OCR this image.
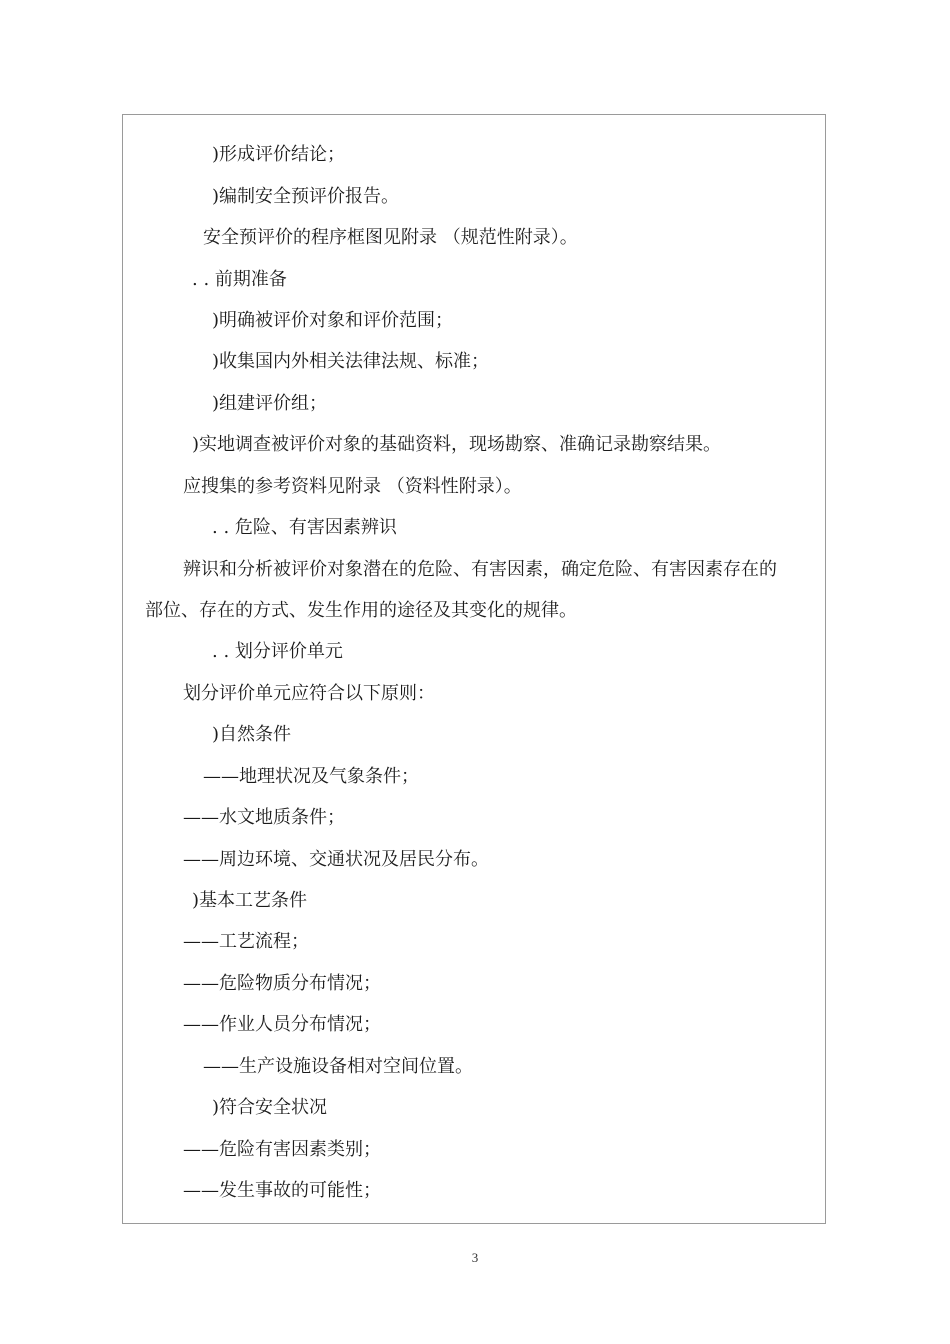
)形成评价结论；
)编制安全预评价报告。
安全预评价的程序框图见附录 （规范性附录）。
. . 前期准备
)明确被评价对象和评价范围；
)收集国内外相关法律法规、标准；
)组建评价组；
)实地调查被评价对象的基础资料，现场勘察、准确记录勘察结果。
应搜集的参考资料见附录 （资料性附录）。
. . 危险、有害因素辨识
辨识和分析被评价对象潜在的危险、有害因素，确定危险、有害因素存在的
部位、存在的方式、发生作用的途径及其变化的规律。
. . 划分评价单元
划分评价单元应符合以下原则：
)自然条件
——地理状况及气象条件；
——水文地质条件；
——周边环境、交通状况及居民分布。
)基本工艺条件
——工艺流程；
——危险物质分布情况；
——作业人员分布情况；
——生产设施设备相对空间位置。
)符合安全状况
——危险有害因素类别；
——发生事故的可能性；
3
